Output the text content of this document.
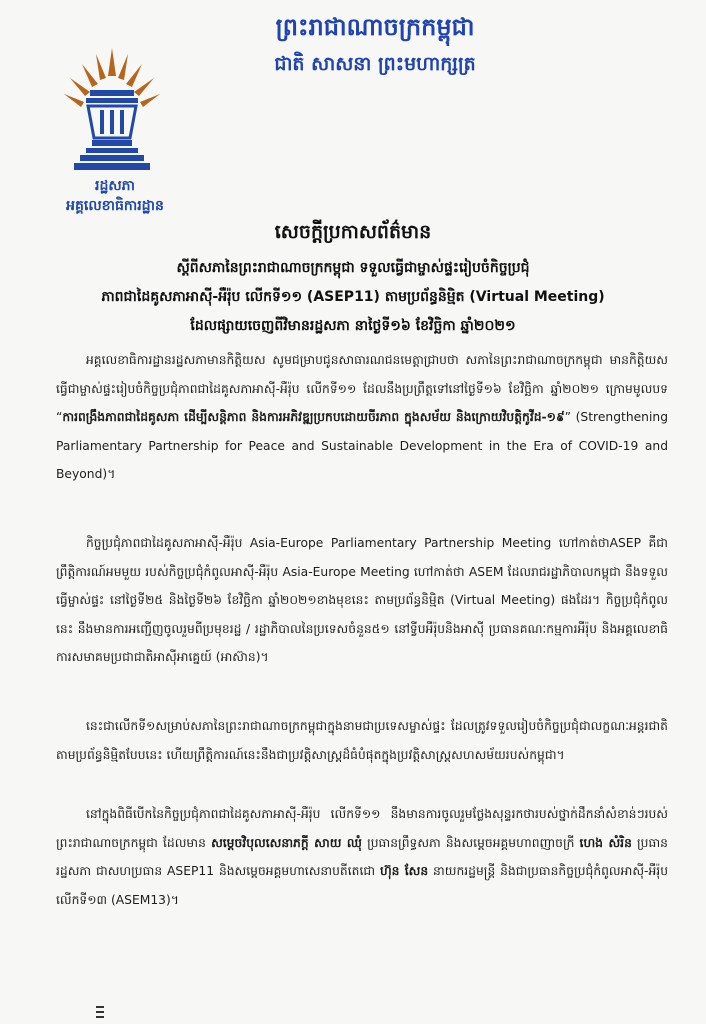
រដ្ឋសភា
អគ្គលេខាធិការដ្ឋាន
ព្រះរាជាណាចក្រកម្ពុជា
ជាតិ សាសនា ព្រះមហាក្សត្រ
សេចក្តីប្រកាសព័ត៌មាន
ស្តីពីសភានៃព្រះរាជាណាចក្រកម្ពុជា ទទួលធ្វើជាម្ចាស់ផ្ទះរៀបចំកិច្ចប្រជុំ
ភាពជាដៃគូសភាអាស៊ី-អឺរ៉ុប លើកទី១១ (ASEP11) តាមប្រព័ន្ធនិម្មិត (Virtual Meeting)
ដែលផ្សាយចេញពីវិមានរដ្ឋសភា នាថ្ងៃទី១៦ ខែវិច្ឆិកា ឆ្នាំ២០២១
អគ្គលេខាធិការដ្ឋានរដ្ឋសភាមានកិត្តិយស សូមជម្រាបជូនសាធារណជនមេត្តាជ្រាបថា សភានៃព្រះរាជាណាចក្រកម្ពុជា មានកិត្តិយសធ្វើជាម្ចាស់ផ្ទះរៀបចំកិច្ចប្រជុំភាពជាដៃគូសភាអាស៊ី-អឺរ៉ុប លើកទី១១ ដែលនឹងប្រព្រឹត្តទៅនៅថ្ងៃទី១៦ ខែវិច្ឆិកា ឆ្នាំ២០២១ ក្រោមមូលបទ “ការពង្រឹងភាពជាដៃគូសភា ដើម្បីសន្តិភាព និងការអភិវឌ្ឍប្រកបដោយចីរភាព ក្នុងសម័យ និងក្រោយវិបត្តិកូវីដ-១៩” (Strengthening Parliamentary Partnership for Peace and Sustainable Development in the Era of COVID-19 and Beyond)។
កិច្ចប្រជុំភាពជាដៃគូសភាអាស៊ី-អឺរ៉ុប Asia-Europe Parliamentary Partnership Meeting ហៅកាត់ថាASEP គឺជាព្រឹត្តិការណ៍អមមួយ របស់កិច្ចប្រជុំកំពូលអាស៊ី-អឺរ៉ុប Asia-Europe Meeting ហៅកាត់ថា ASEM ដែលរាជរដ្ឋាភិបាលកម្ពុជា នឹងទទួលធ្វើម្ចាស់ផ្ទះ នៅថ្ងៃទី២៥ និងថ្ងៃទី២៦ ខែវិច្ឆិកា ឆ្នាំ២០២១ខាងមុខនេះ តាមប្រព័ន្ធនិម្មិត (Virtual Meeting) ផងដែរ។ កិច្ចប្រជុំកំពូលនេះ នឹងមានការអញ្ជើញចូលរួមពីប្រមុខរដ្ឋ / រដ្ឋាភិបាលនៃប្រទេសចំនួន៥១ នៅទ្វីបអឺរ៉ុបនិងអាស៊ី ប្រធានគណៈកម្មការអឺរ៉ុប និងអគ្គលេខាធិការសមាគមប្រជាជាតិអាស៊ីអាគ្នេយ៍ (អាស៊ាន)។
នេះជាលើកទី១សម្រាប់សភានៃព្រះរាជាណាចក្រកម្ពុជាក្នុងនាមជាប្រទេសម្ចាស់ផ្ទះ ដែលត្រូវទទួលរៀបចំកិច្ចប្រជុំជាលក្ខណៈអន្តរជាតិតាមប្រព័ន្ធនិម្មិតបែបនេះ ហើយព្រឹត្តិការណ៍នេះនឹងជាប្រវត្តិសាស្ត្រដ៏ធំបំផុតក្នុងប្រវត្តិសាស្ត្រសហសម័យរបស់កម្ពុជា។
នៅក្នុងពិធីបើកនៃកិច្ចប្រជុំភាពជាដៃគូសភាអាស៊ី-អឺរ៉ុប លើកទី១១ នឹងមានការចូលរួមថ្លែងសុន្ទរកថារបស់ថ្នាក់ដឹកនាំសំខាន់ៗរបស់ព្រះរាជាណាចក្រកម្ពុជា ដែលមាន សម្តេចវិបុលសេនាភក្តី សាយ ឈុំ ប្រធានព្រឹទ្ធសភា និងសម្តេចអគ្គមហាពញាចក្រី ហេង សំរិន ប្រធានរដ្ឋសភា ជាសហប្រធាន ASEP11 និងសម្តេចអគ្គមហាសេនាបតីតេជោ ហ៊ុន សែន នាយករដ្ឋមន្ត្រី និងជាប្រធានកិច្ចប្រជុំកំពូលអាស៊ី-អឺរ៉ុប លើកទី១៣ (ASEM13)។
